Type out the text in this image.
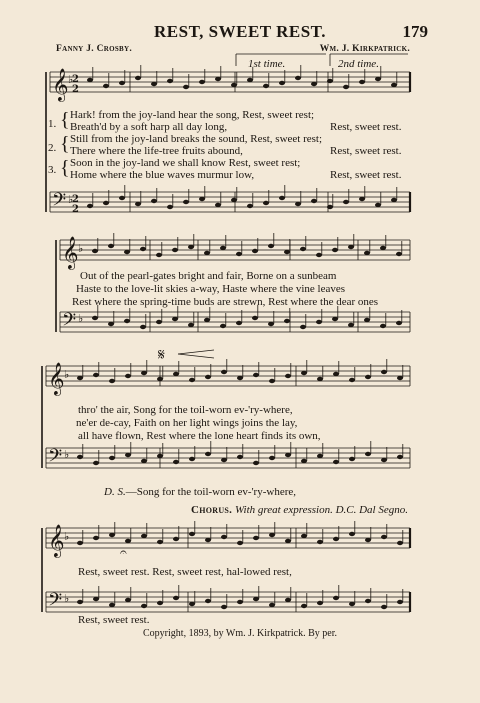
REST, SWEET REST.	179
Fanny J. Crosby.	Wm. J. Kirkpatrick.
𝄞
𝄢
𝄞
𝄢
𝄞
𝄢
𝄞
𝄢
2
2
2
2
♭
♭
♭
♭
♭
♭
♭
♭
𝄋
𝄐
1st time.	2nd time.
1.
2.
3.
{
{
{
Hark! from the joy-land hear the song, Rest, sweet rest;
Breath'd by a soft harp all day long,
Still from the joy-land breaks the sound, Rest, sweet rest;
There where the life-tree fruits abound,
Soon in the joy-land we shall know Rest, sweet rest;
Home where the blue waves murmur low,
Rest, sweet rest.
Rest, sweet rest.
Rest, sweet rest.
Out of the pearl-gates bright and fair, Borne on a sunbeam
Haste to the love-lit skies a-way, Haste where the vine leaves
Rest where the spring-time buds are strewn, Rest where the dear ones
thro' the air, Song for the toil-worn ev-'ry-where,
ne'er de-cay, Faith on her light wings joins the lay,
all have flown, Rest where the lone heart finds its own,
D. S.—Song for the toil-worn ev-'ry-where,
Chorus. With great expression. D.C. Dal Segno.
Rest, sweet rest. Rest, sweet rest, hal-lowed rest,
Rest, sweet rest.
Copyright, 1893, by Wm. J. Kirkpatrick. By per.
